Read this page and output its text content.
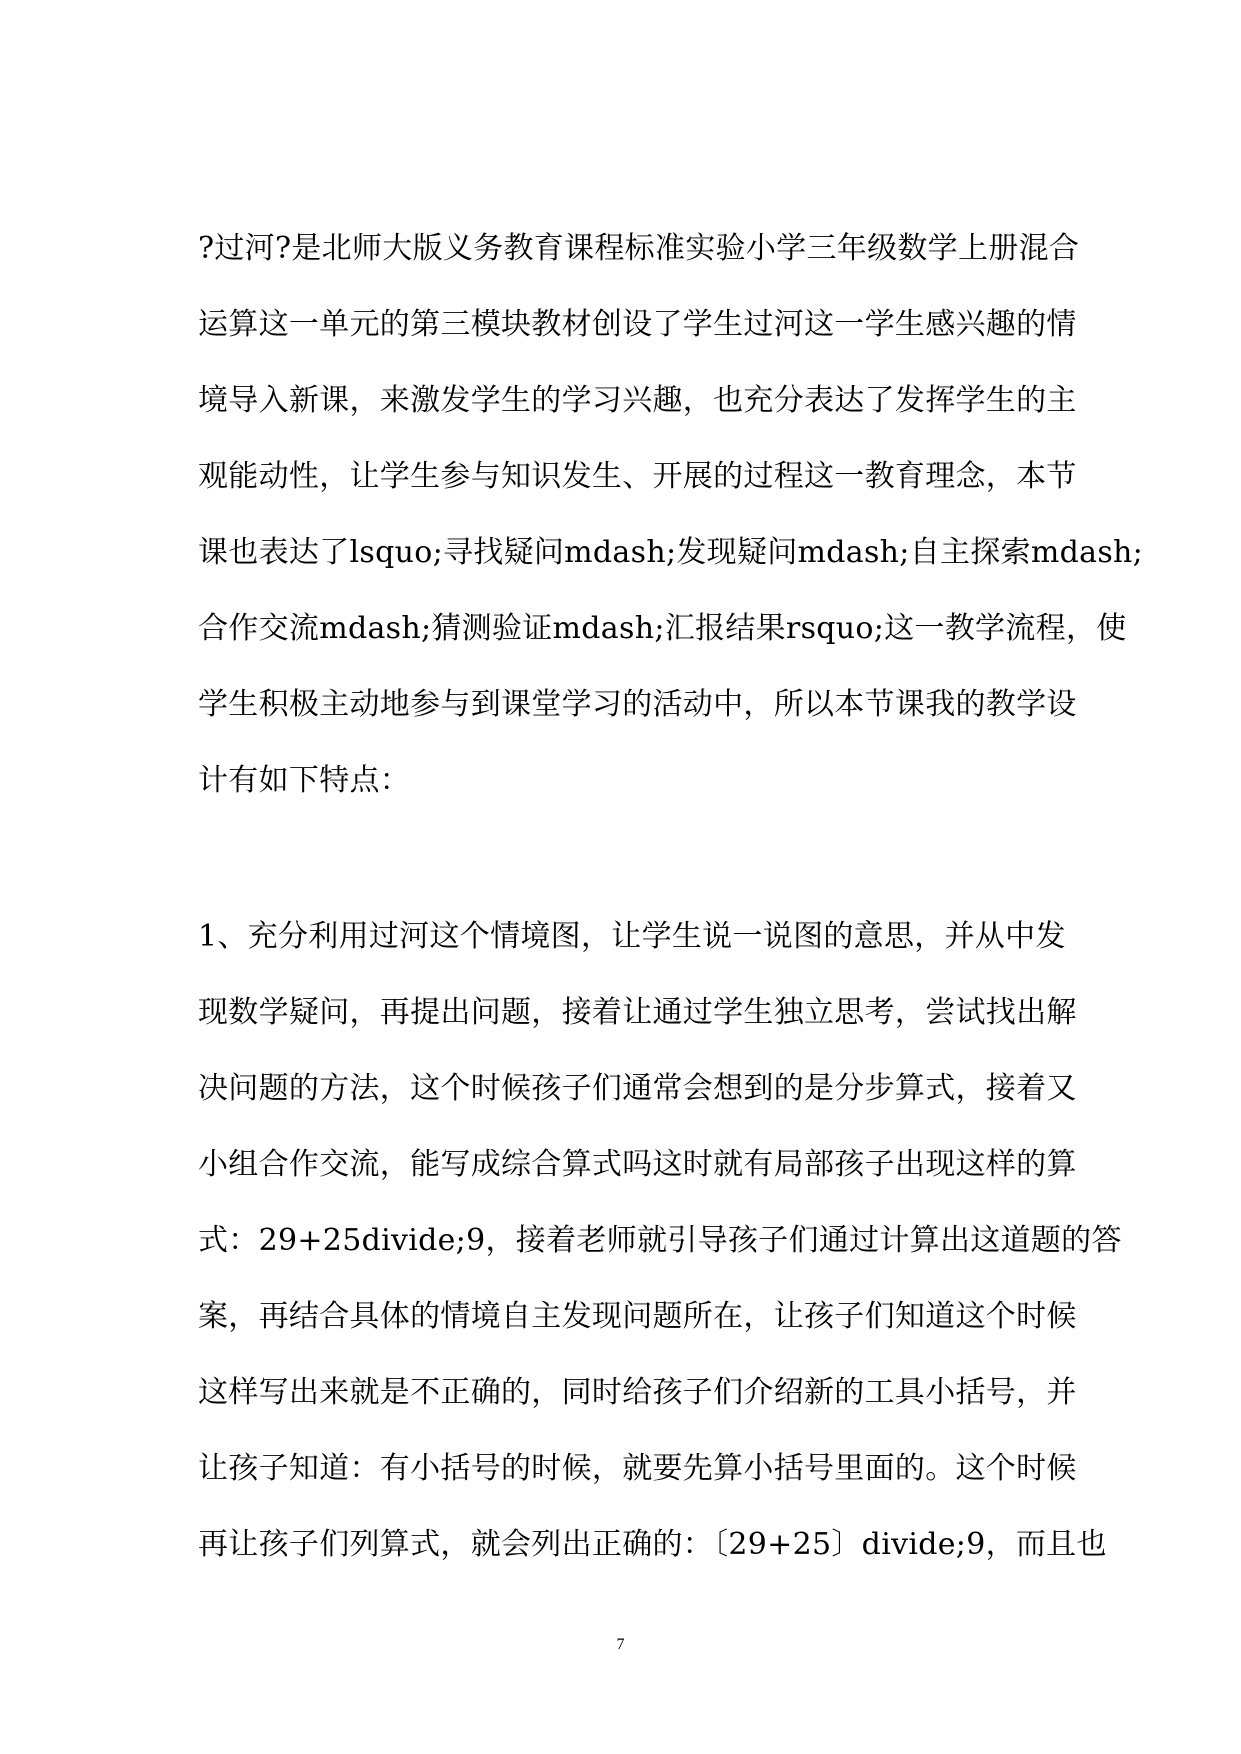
?过河?是北师大版义务教育课程标准实验小学三年级数学上册混合
运算这一单元的第三模块教材创设了学生过河这一学生感兴趣的情
境导入新课，来激发学生的学习兴趣，也充分表达了发挥学生的主
观能动性，让学生参与知识发生、开展的过程这一教育理念，本节
课也表达了lsquo;寻找疑问mdash;发现疑问mdash;自主探索mdash;
合作交流mdash;猜测验证mdash;汇报结果rsquo;这一教学流程，使
学生积极主动地参与到课堂学习的活动中，所以本节课我的教学设
计有如下特点：
1、充分利用过河这个情境图，让学生说一说图的意思，并从中发
现数学疑问，再提出问题，接着让通过学生独立思考，尝试找出解
决问题的方法，这个时候孩子们通常会想到的是分步算式，接着又
小组合作交流，能写成综合算式吗这时就有局部孩子出现这样的算
式：29+25divide;9，接着老师就引导孩子们通过计算出这道题的答
案，再结合具体的情境自主发现问题所在，让孩子们知道这个时候
这样写出来就是不正确的，同时给孩子们介绍新的工具小括号，并
让孩子知道：有小括号的时候，就要先算小括号里面的。这个时候
再让孩子们列算式，就会列出正确的：〔29+25〕divide;9，而且也
7
